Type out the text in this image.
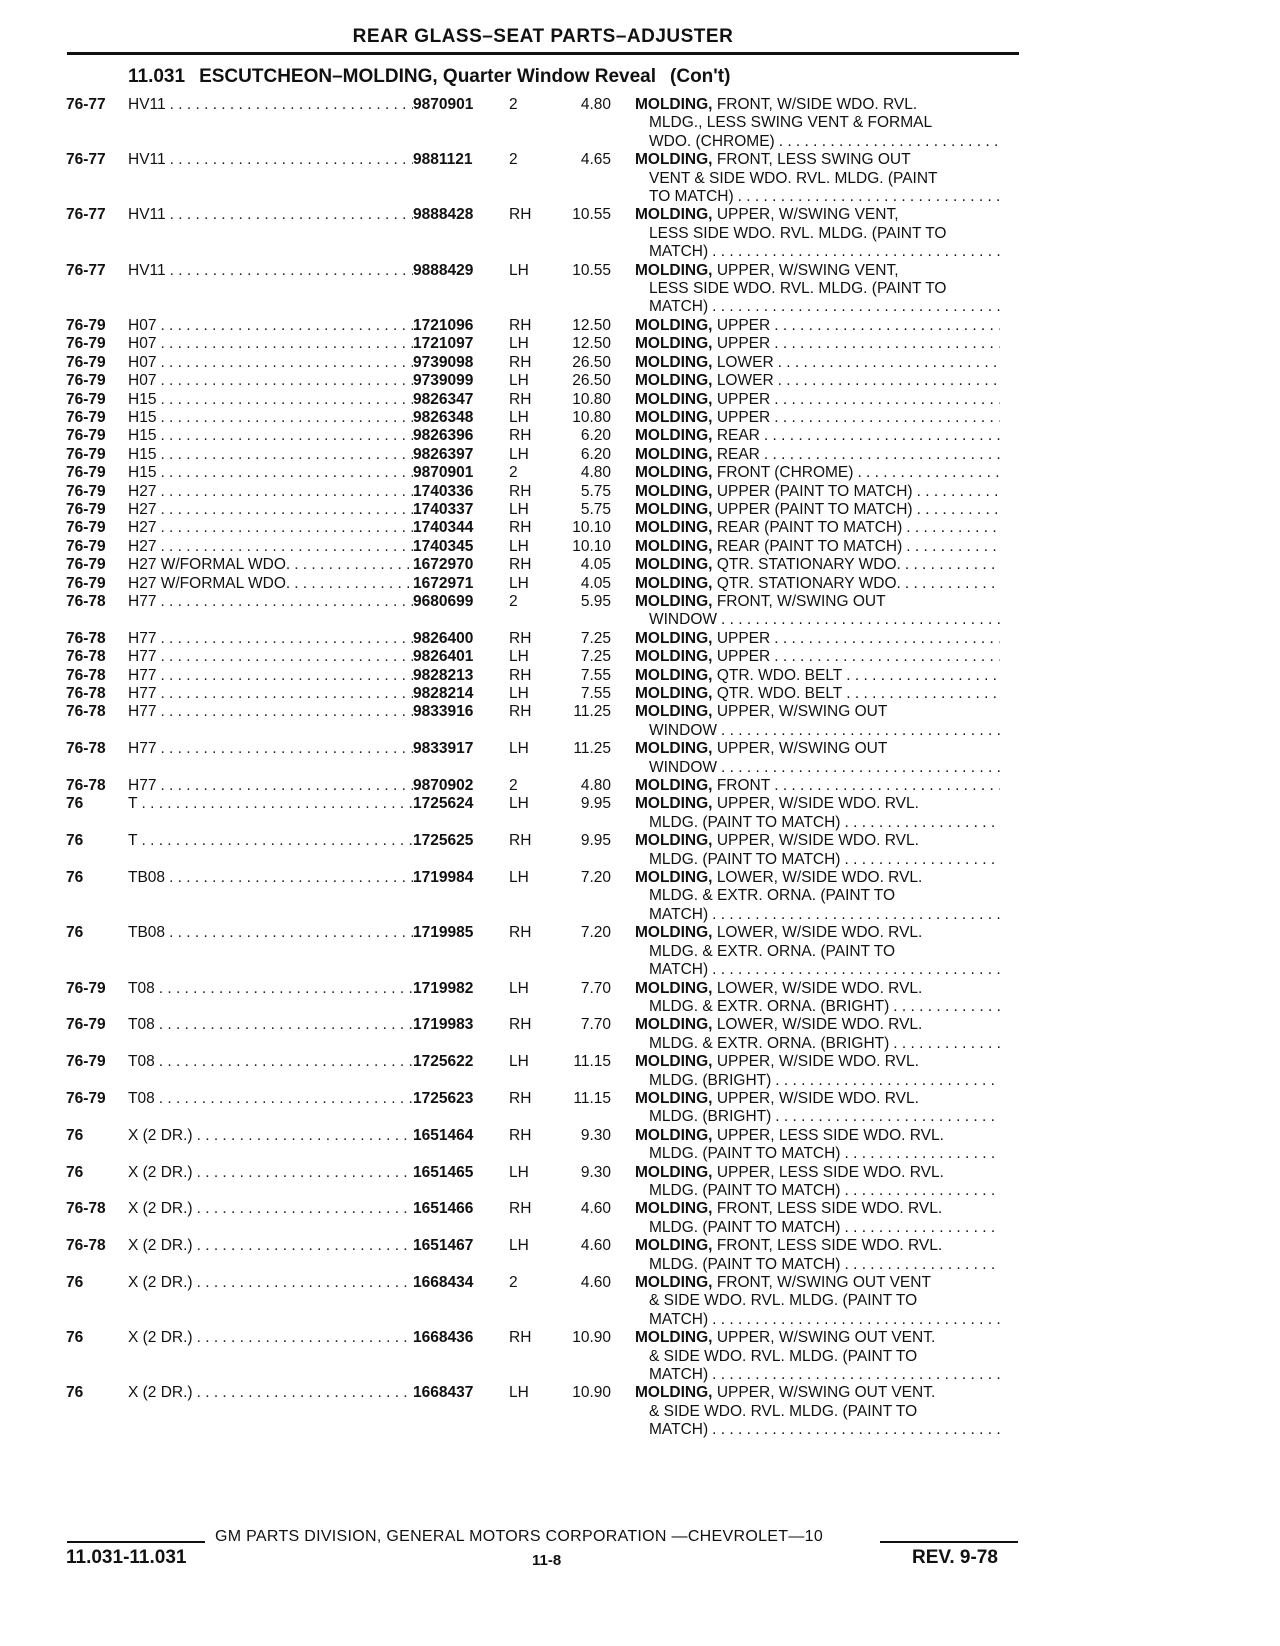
REAR GLASS–SEAT PARTS–ADJUSTER
11.031 ESCUTCHEON–MOLDING, Quarter Window Reveal (Con't)
76-77	HV11 . . .	9870901	2	4.80	MOLDING, FRONT, W/SIDE WDO. RVL.
MLDG., LESS SWING VENT & FORMAL
WDO. (CHROME)
. . .
76-77	HV11 . . .	9881121	2	4.65	MOLDING, FRONT, LESS SWING OUT
VENT & SIDE WDO. RVL. MLDG. (PAINT
TO MATCH)
. . .
76-77	HV11 . . .	9888428	RH	10.55	MOLDING, UPPER, W/SWING VENT,
LESS SIDE WDO. RVL. MLDG. (PAINT TO
MATCH)
. . .
76-77	HV11 . . .	9888429	LH	10.55	MOLDING, UPPER, W/SWING VENT,
LESS SIDE WDO. RVL. MLDG. (PAINT TO
MATCH)
. . .
76-79	H07 . . .	1721096	RH	12.50	MOLDING, UPPER
. . .
76-79	H07 . . .	1721097	LH	12.50	MOLDING, UPPER
. . .
76-79	H07 . . .	9739098	RH	26.50	MOLDING, LOWER
. . .
76-79	H07 . . .	9739099	LH	26.50	MOLDING, LOWER
. . .
76-79	H15 . . .	9826347	RH	10.80	MOLDING, UPPER
. . .
76-79	H15 . . .	9826348	LH	10.80	MOLDING, UPPER
. . .
76-79	H15 . . .	9826396	RH	6.20	MOLDING, REAR
. . .
76-79	H15 . . .	9826397	LH	6.20	MOLDING, REAR
. . .
76-79	H15 . . .	9870901	2	4.80	MOLDING, FRONT (CHROME)
. . .
76-79	H27 . . .	1740336	RH	5.75	MOLDING, UPPER (PAINT TO MATCH)
. . .
76-79	H27 . . .	1740337	LH	5.75	MOLDING, UPPER (PAINT TO MATCH)
. . .
76-79	H27 . . .	1740344	RH	10.10	MOLDING, REAR (PAINT TO MATCH)
. . .
76-79	H27 . . .	1740345	LH	10.10	MOLDING, REAR (PAINT TO MATCH)
. . .
76-79	H27 W/FORMAL WDO. . . .	1672970	RH	4.05	MOLDING, QTR. STATIONARY WDO.
. . .
76-79	H27 W/FORMAL WDO. . . .	1672971	LH	4.05	MOLDING, QTR. STATIONARY WDO.
. . .
76-78	H77 . . .	9680699	2	5.95	MOLDING, FRONT, W/SWING OUT
WINDOW
. . .
76-78	H77 . . .	9826400	RH	7.25	MOLDING, UPPER
. . .
76-78	H77 . . .	9826401	LH	7.25	MOLDING, UPPER
. . .
76-78	H77 . . .	9828213	RH	7.55	MOLDING, QTR. WDO. BELT
. . .
76-78	H77 . . .	9828214	LH	7.55	MOLDING, QTR. WDO. BELT
. . .
76-78	H77 . . .	9833916	RH	11.25	MOLDING, UPPER, W/SWING OUT
WINDOW
. . .
76-78	H77 . . .	9833917	LH	11.25	MOLDING, UPPER, W/SWING OUT
WINDOW
. . .
76-78	H77 . . .	9870902	2	4.80	MOLDING, FRONT
. . .
76	T . . .	1725624	LH	9.95	MOLDING, UPPER, W/SIDE WDO. RVL.
MLDG. (PAINT TO MATCH)
. . .
76	T . . .	1725625	RH	9.95	MOLDING, UPPER, W/SIDE WDO. RVL.
MLDG. (PAINT TO MATCH)
. . .
76	TB08 . . .	1719984	LH	7.20	MOLDING, LOWER, W/SIDE WDO. RVL.
MLDG. & EXTR. ORNA. (PAINT TO
MATCH)
. . .
76	TB08 . . .	1719985	RH	7.20	MOLDING, LOWER, W/SIDE WDO. RVL.
MLDG. & EXTR. ORNA. (PAINT TO
MATCH)
. . .
76-79	T08 . . .	1719982	LH	7.70	MOLDING, LOWER, W/SIDE WDO. RVL.
MLDG. & EXTR. ORNA. (BRIGHT)
. . .
76-79	T08 . . .	1719983	RH	7.70	MOLDING, LOWER, W/SIDE WDO. RVL.
MLDG. & EXTR. ORNA. (BRIGHT)
. . .
76-79	T08 . . .	1725622	LH	11.15	MOLDING, UPPER, W/SIDE WDO. RVL.
MLDG. (BRIGHT)
. . .
76-79	T08 . . .	1725623	RH	11.15	MOLDING, UPPER, W/SIDE WDO. RVL.
MLDG. (BRIGHT)
. . .
76	X (2 DR.) . . .	1651464	RH	9.30	MOLDING, UPPER, LESS SIDE WDO. RVL.
MLDG. (PAINT TO MATCH)
. . .
76	X (2 DR.) . . .	1651465	LH	9.30	MOLDING, UPPER, LESS SIDE WDO. RVL.
MLDG. (PAINT TO MATCH)
. . .
76-78	X (2 DR.) . . .	1651466	RH	4.60	MOLDING, FRONT, LESS SIDE WDO. RVL.
MLDG. (PAINT TO MATCH)
. . .
76-78	X (2 DR.) . . .	1651467	LH	4.60	MOLDING, FRONT, LESS SIDE WDO. RVL.
MLDG. (PAINT TO MATCH)
. . .
76	X (2 DR.) . . .	1668434	2	4.60	MOLDING, FRONT, W/SWING OUT VENT
& SIDE WDO. RVL. MLDG. (PAINT TO
MATCH)
. . .
76	X (2 DR.) . . .	1668436	RH	10.90	MOLDING, UPPER, W/SWING OUT VENT.
& SIDE WDO. RVL. MLDG. (PAINT TO
MATCH)
. . .
76	X (2 DR.) . . .	1668437	LH	10.90	MOLDING, UPPER, W/SWING OUT VENT.
& SIDE WDO. RVL. MLDG. (PAINT TO
MATCH)
. . .
GM PARTS DIVISION, GENERAL MOTORS CORPORATION —CHEVROLET—10
11.031-11.031	11-8	REV. 9-78
